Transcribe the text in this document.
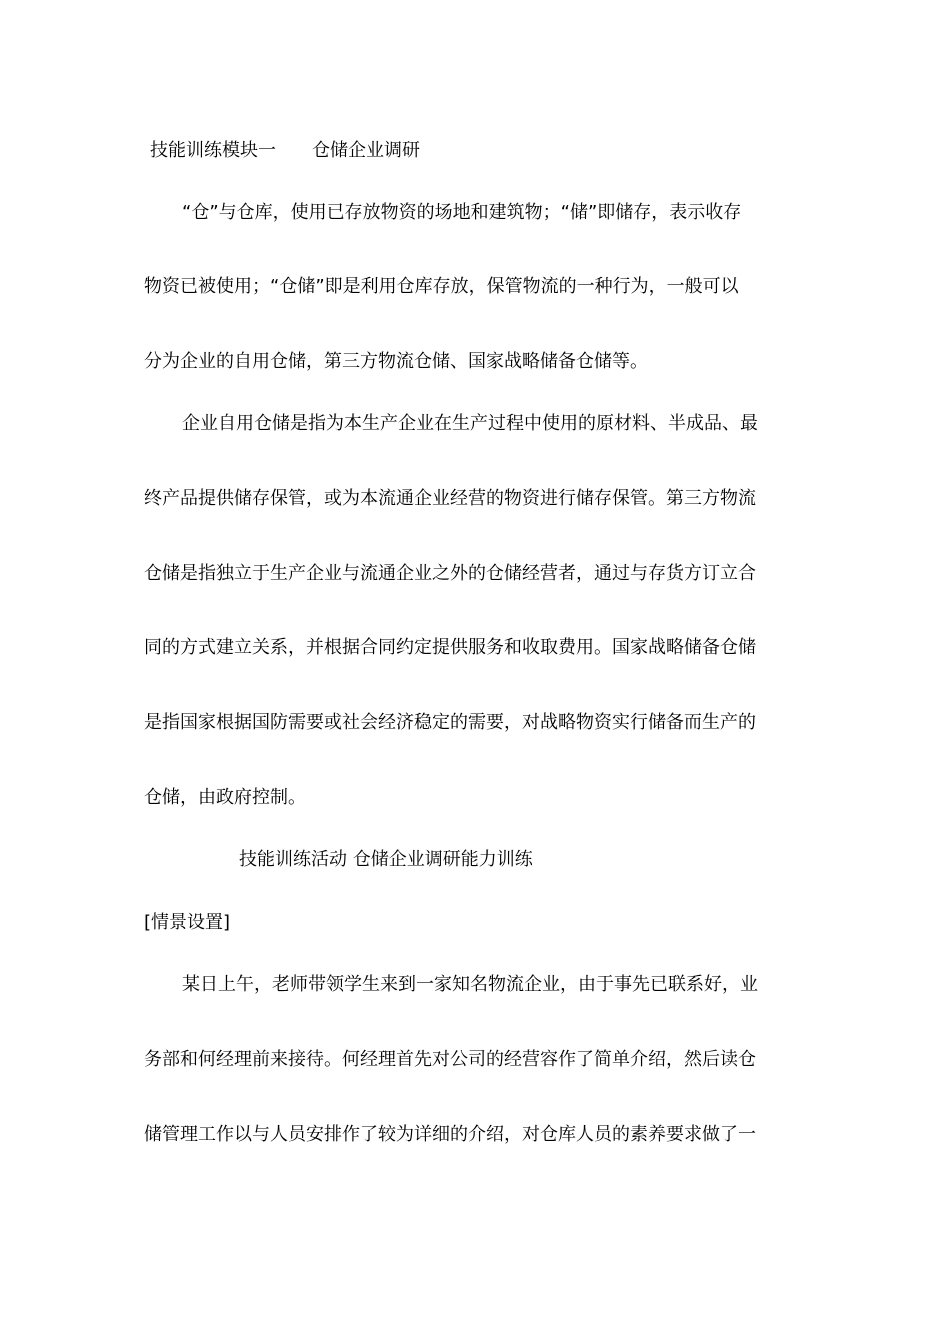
技能训练模块一 仓储企业调研
“仓”与仓库，使用已存放物资的场地和建筑物；“储”即储存，表示收存
物资已被使用；“仓储”即是利用仓库存放，保管物流的一种行为，一般可以
分为企业的自用仓储，第三方物流仓储、国家战略储备仓储等。
企业自用仓储是指为本生产企业在生产过程中使用的原材料、半成品、最
终产品提供储存保管，或为本流通企业经营的物资进行储存保管。第三方物流
仓储是指独立于生产企业与流通企业之外的仓储经营者，通过与存货方订立合
同的方式建立关系，并根据合同约定提供服务和收取费用。国家战略储备仓储
是指国家根据国防需要或社会经济稳定的需要，对战略物资实行储备而生产的
仓储，由政府控制。
技能训练活动 仓储企业调研能力训练
[情景设置]
某日上午，老师带领学生来到一家知名物流企业，由于事先已联系好，业
务部和何经理前来接待。何经理首先对公司的经营容作了简单介绍，然后读仓
储管理工作以与人员安排作了较为详细的介绍，对仓库人员的素养要求做了一
